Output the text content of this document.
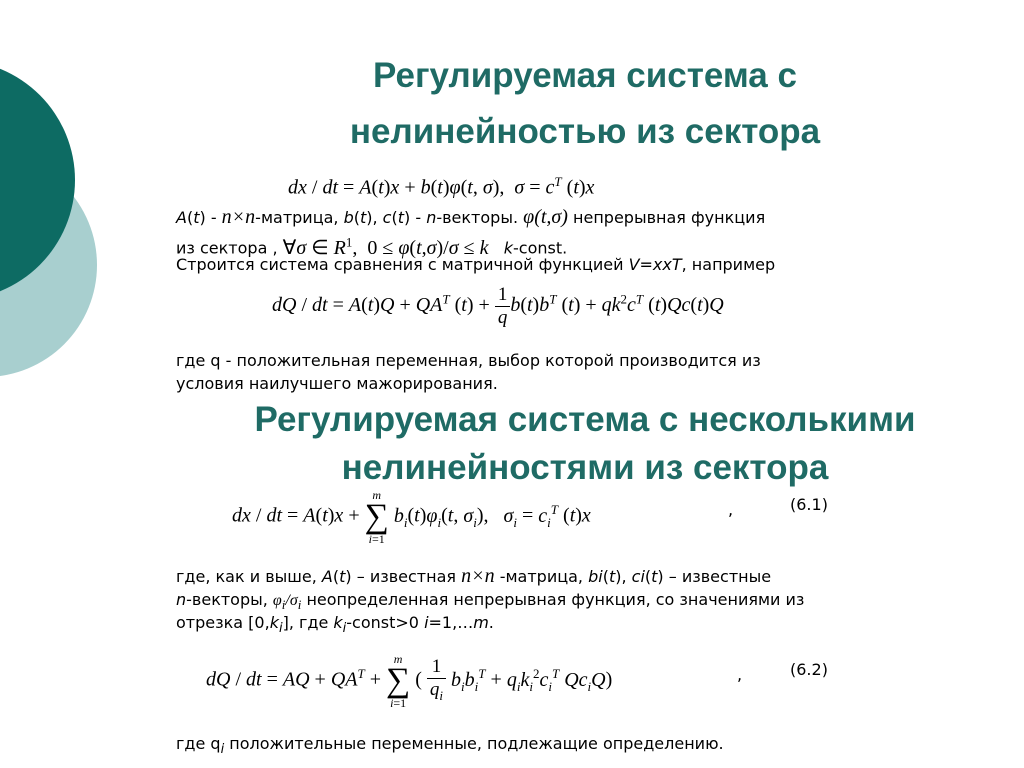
Регулируемая система с
нелинейностью из сектора
dx / dt = A(t)x + b(t)φ(t, σ),  $\sigma = c^T$ (t)x
A(t) - n×n-матрица, b(t), c(t) - n-векторы. φ(t,σ) непрерывная функция
из сектора , ∀σ ∈ $R^1$,  0 ≤ φ(t,σ)/σ ≤ k k-const.
Строится система сравнения с матричной функцией V=xxT, например
dQ / dt = $A(t)Q + QA^T$ $(t) + \frac{1}{q} b(t)b^T$ $(t) + qk^2c^T$ (t)Qc(t)Q
где q - положительная переменная, выбор которой производится из
условия наилучшего мажорирования.
Регулируемая система с несколькими
нелинейностями из сектора
dx / dt = A(t)x + m
∑
i=1 $b_i(t)\varphi_i(t$, $\sigma_i$),   $\sigma_i = c_i^T$ (t)x	,	(6.1)
где, как и выше, A(t) – известная n×n -матрица, bi(t), ci(t) – известные
n-векторы, $\varphi_i/\sigma_i$ неопределенная непрерывная функция, со значениями из
отрезка $[0,k_i]$, где $k_i-const>0$ i=1,…m.
dQ / dt = AQ + $QA^T + m$
∑
i=1 ( $\frac{1}{q_i} b_ib_i^T + q_ik_i^2c_i^T$ $Qc_iQ$)	,	(6.2)
где $q_i$ положительные переменные, подлежащие определению.
